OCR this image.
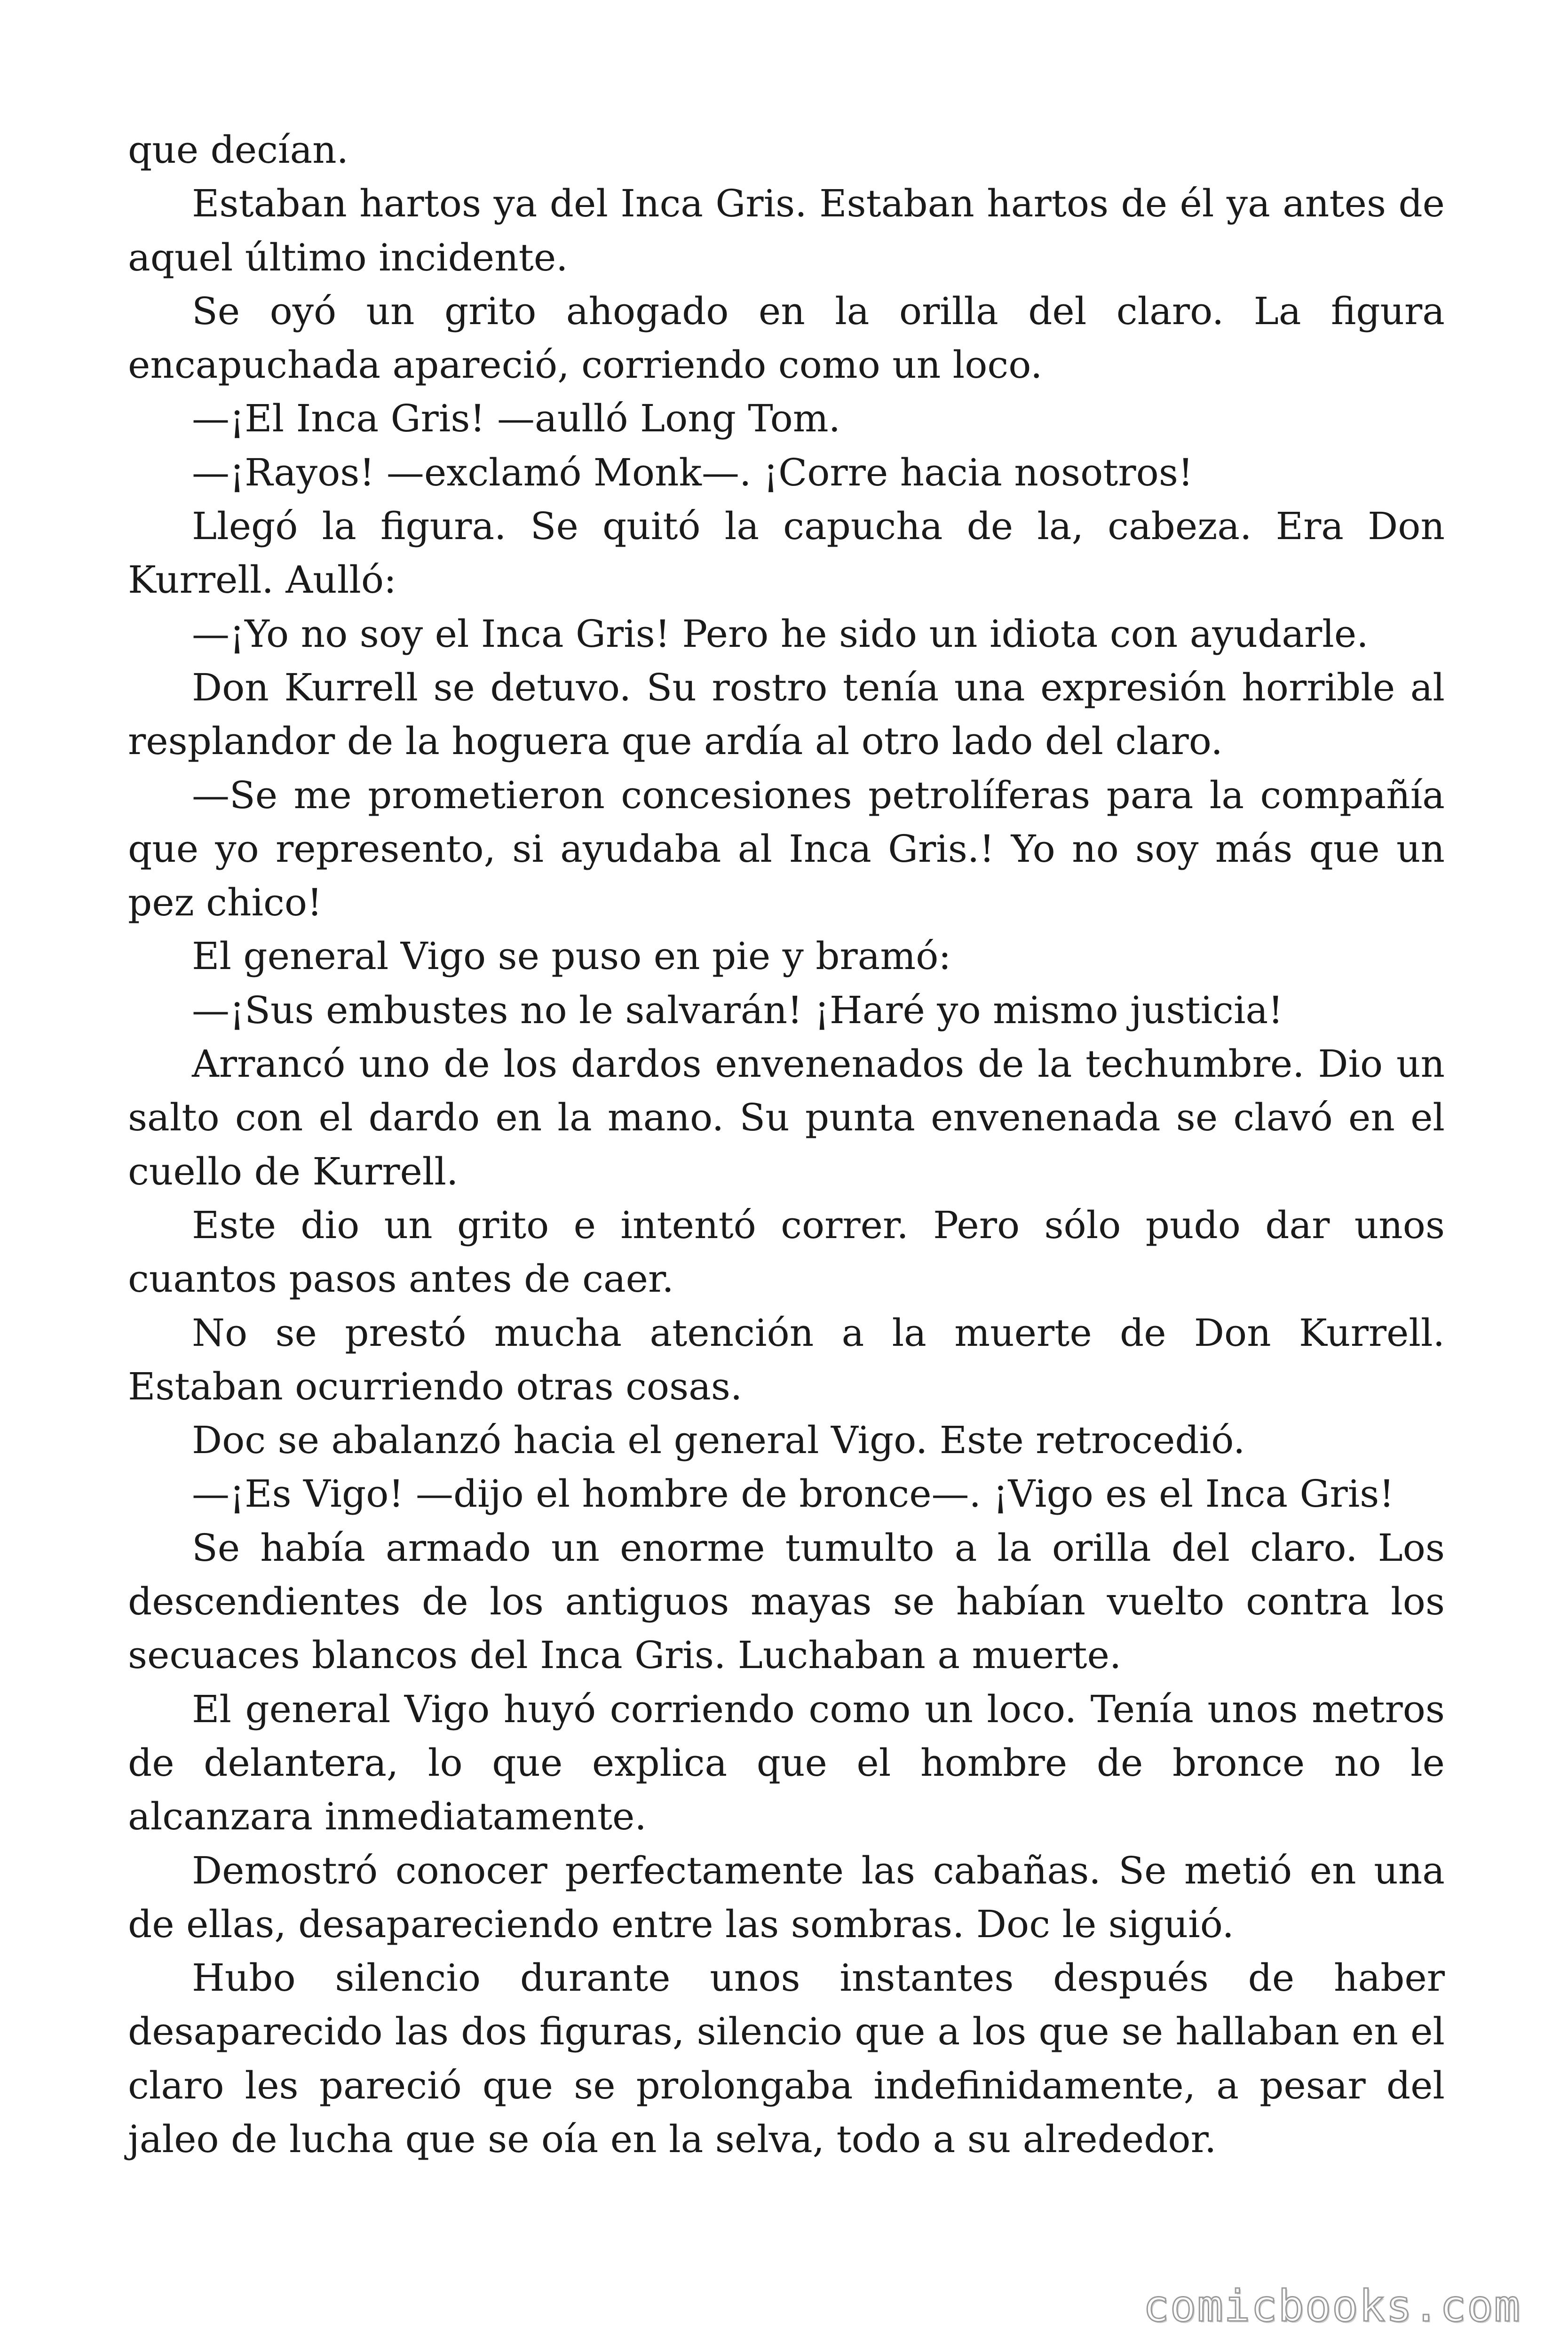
que decían.

Estaban hartos ya del Inca Gris. Estaban hartos de él ya antes de aquel último incidente.

Se oyó un grito ahogado en la orilla del claro. La figura encapuchada apareció, corriendo como un loco.

—¡El Inca Gris! —aulló Long Tom.

—¡Rayos! —exclamó Monk—. ¡Corre hacia nosotros!

Llegó la figura. Se quitó la capucha de la, cabeza. Era Don Kurrell. Aulló:

—¡Yo no soy el Inca Gris! Pero he sido un idiota con ayudarle.

Don Kurrell se detuvo. Su rostro tenía una expresión horrible al resplandor de la hoguera que ardía al otro lado del claro.

—Se me prometieron concesiones petrolíferas para la compañía que yo represento, si ayudaba al Inca Gris.! Yo no soy más que un pez chico!

El general Vigo se puso en pie y bramó:

—¡Sus embustes no le salvarán! ¡Haré yo mismo justicia!

Arrancó uno de los dardos envenenados de la techumbre. Dio un salto con el dardo en la mano. Su punta envenenada se clavó en el cuello de Kurrell.

Este dio un grito e intentó correr. Pero sólo pudo dar unos cuantos pasos antes de caer.

No se prestó mucha atención a la muerte de Don Kurrell. Estaban ocurriendo otras cosas.

Doc se abalanzó hacia el general Vigo. Este retrocedió.

—¡Es Vigo! —dijo el hombre de bronce—. ¡Vigo es el Inca Gris!

Se había armado un enorme tumulto a la orilla del claro. Los descendientes de los antiguos mayas se habían vuelto contra los secuaces blancos del Inca Gris. Luchaban a muerte.

El general Vigo huyó corriendo como un loco. Tenía unos metros de delantera, lo que explica que el hombre de bronce no le alcanzara inmediatamente.

Demostró conocer perfectamente las cabañas. Se metió en una de ellas, desapareciendo entre las sombras. Doc le siguió.

Hubo silencio durante unos instantes después de haber desaparecido las dos figuras, silencio que a los que se hallaban en el claro les pareció que se prolongaba indefinidamente, a pesar del jaleo de lucha que se oía en la selva, todo a su alrededor.

comicbooks.com
